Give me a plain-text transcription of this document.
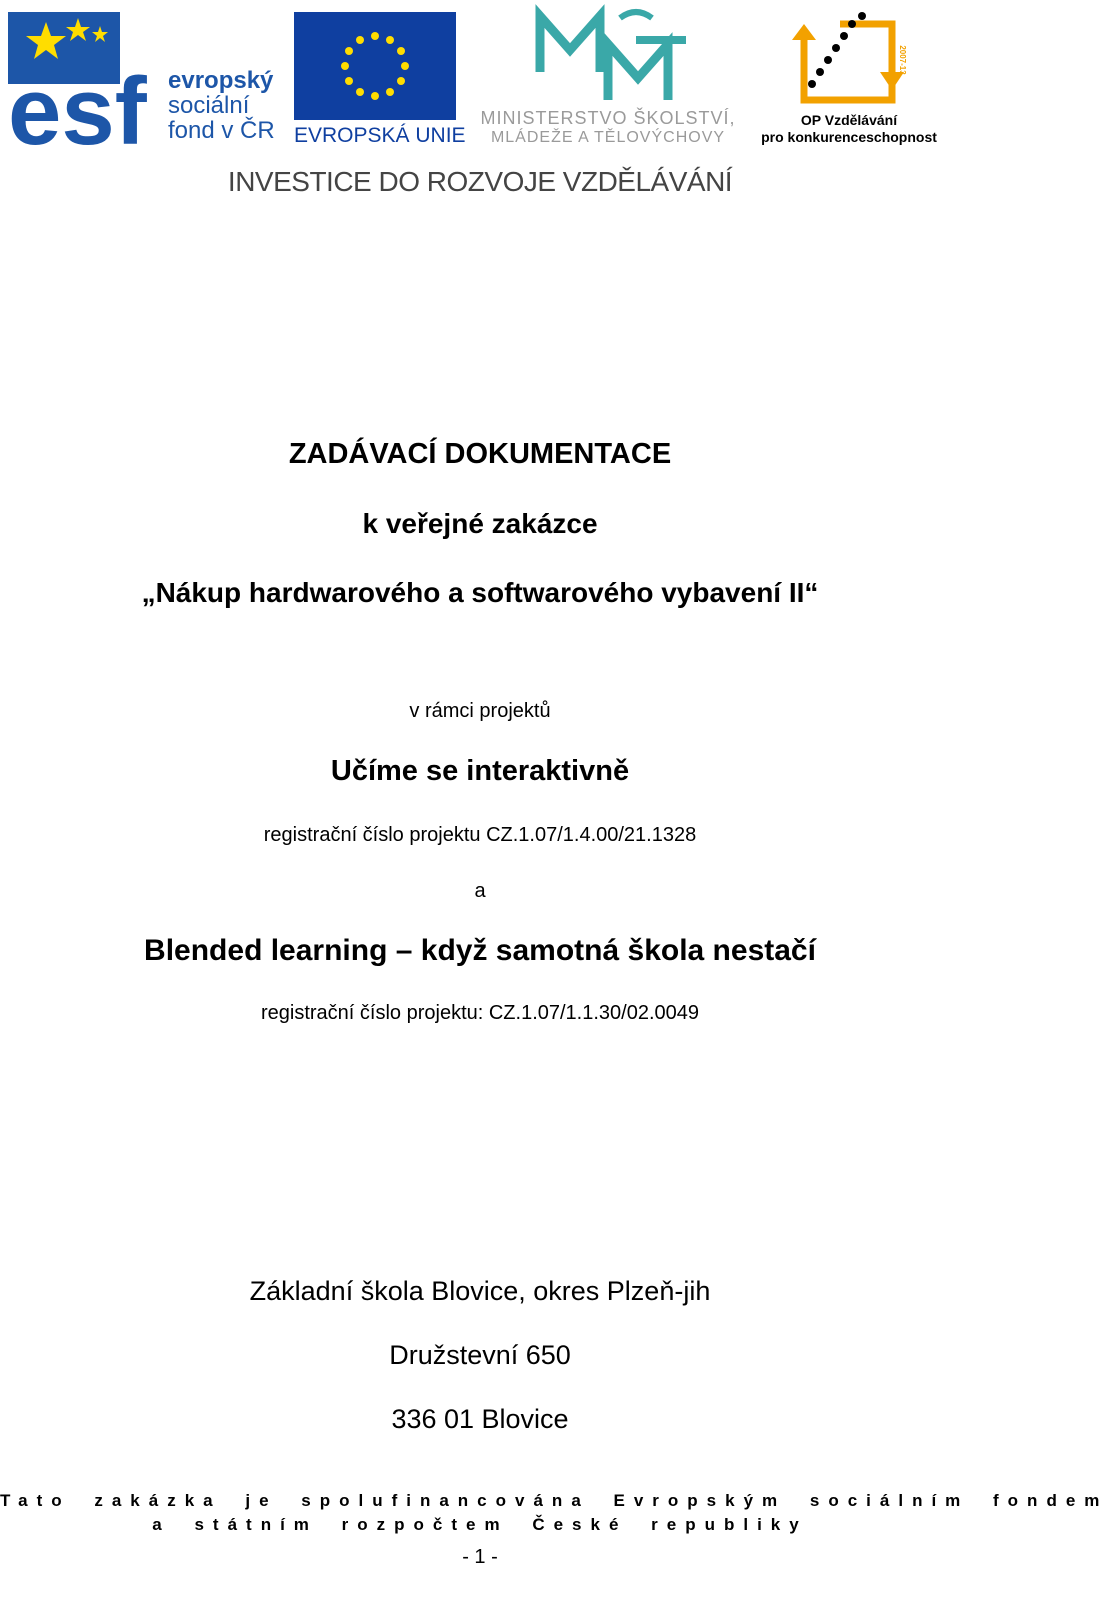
esf evropský
sociální
fond v ČR EVROPSKÁ UNIE
MINISTERSTVO ŠKOLSTVÍ,
MLÁDEŽE A TĚLOVÝCHOVY
2007-13
OP Vzdělávání
pro konkurenceschopnost
INVESTICE DO ROZVOJE VZDĚLÁVÁNÍ
ZADÁVACÍ DOKUMENTACE
k veřejné zakázce
„Nákup hardwarového a softwarového vybavení II“
v rámci projektů
Učíme se interaktivně
registrační číslo projektu CZ.1.07/1.4.00/21.1328
a
Blended learning – když samotná škola nestačí
registrační číslo projektu: CZ.1.07/1.1.30/02.0049
Základní škola Blovice, okres Plzeň-jih
Družstevní 650
336 01 Blovice
Tato zakázka je spolufinancována Evropským sociálním fondem
a státním rozpočtem České republiky
- 1 -
